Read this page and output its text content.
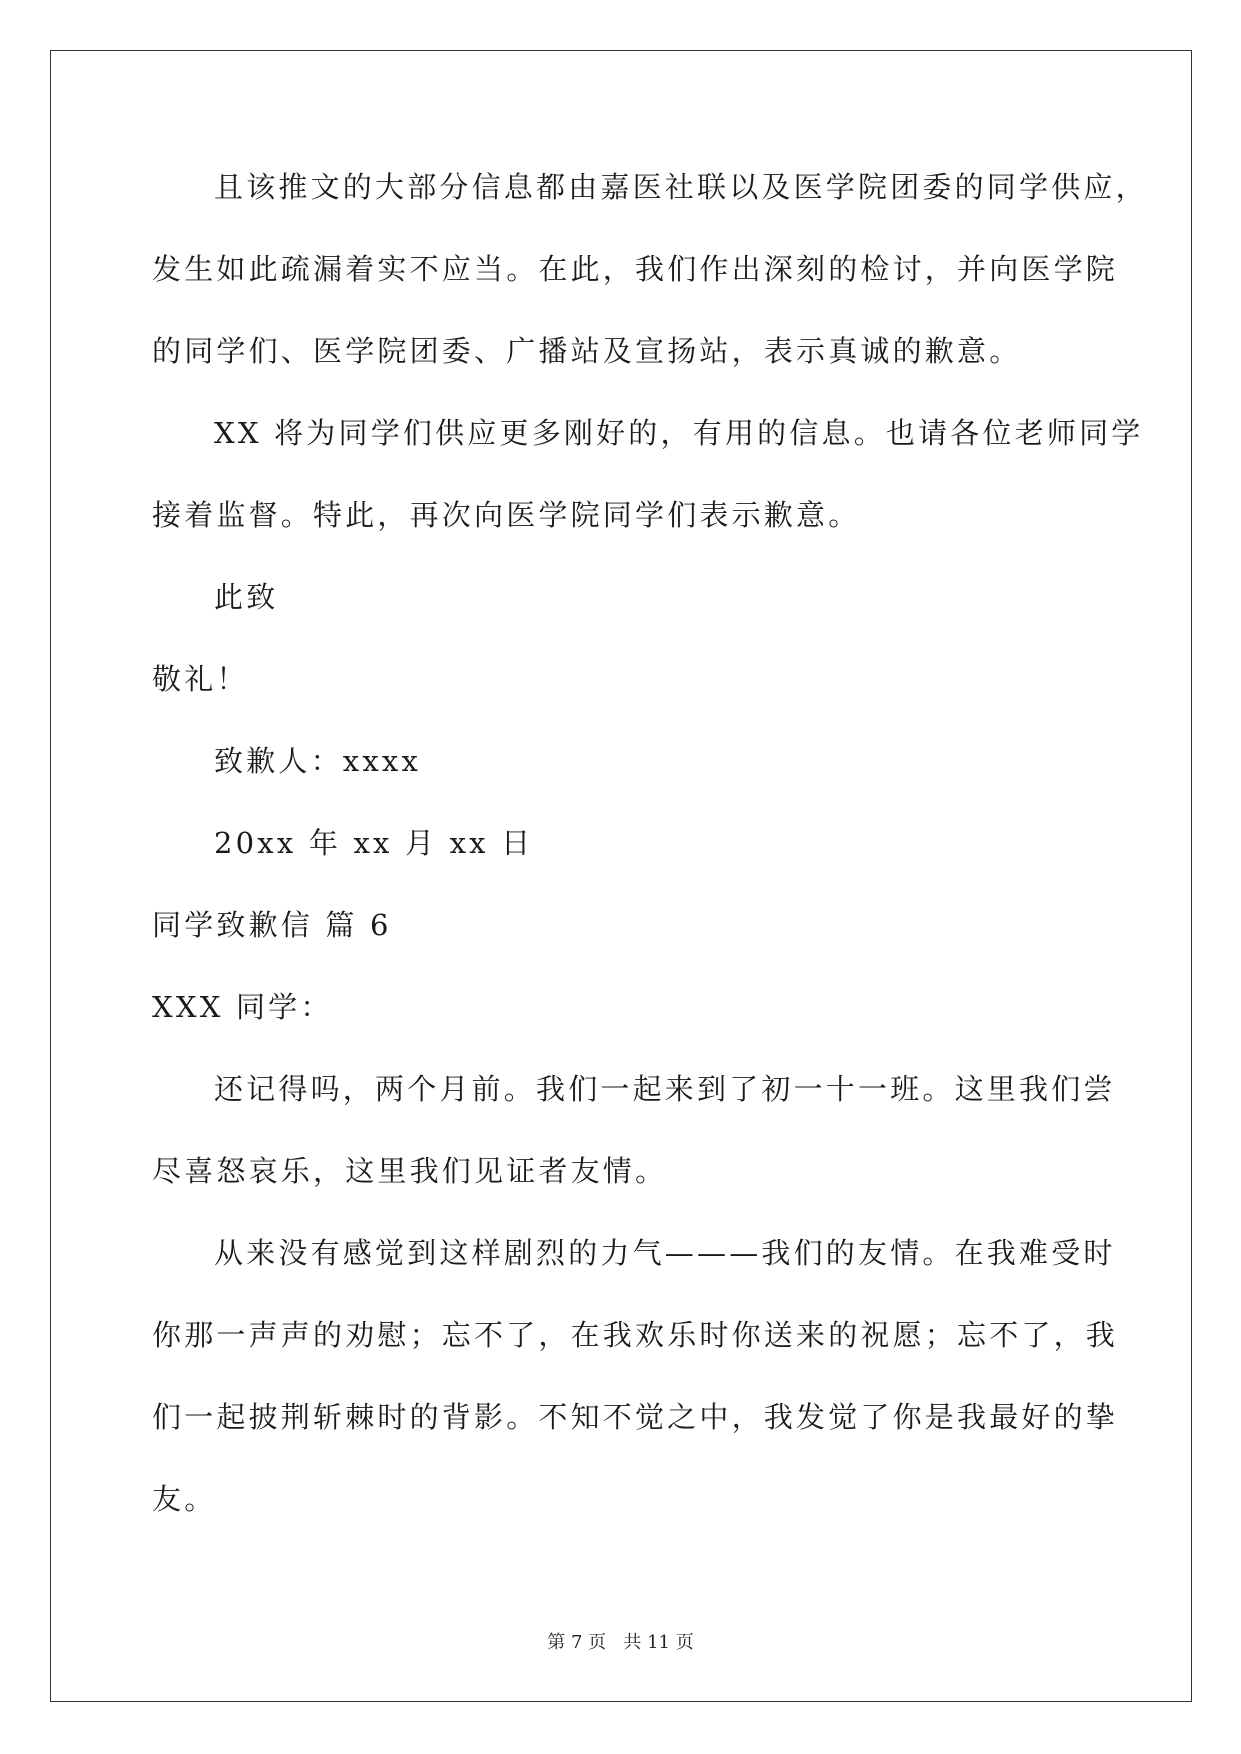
且该推文的大部分信息都由嘉医社联以及医学院团委的同学供应，
发生如此疏漏着实不应当。在此，我们作出深刻的检讨，并向医学院
的同学们、医学院团委、广播站及宣扬站，表示真诚的歉意。
XX 将为同学们供应更多刚好的，有用的信息。也请各位老师同学
接着监督。特此，再次向医学院同学们表示歉意。
此致
敬礼！
致歉人：xxxx
20xx 年 xx 月 xx 日
同学致歉信 篇 6
XXX 同学：
还记得吗，两个月前。我们一起来到了初一十一班。这里我们尝
尽喜怒哀乐，这里我们见证者友情。
从来没有感觉到这样剧烈的力气———我们的友情。在我难受时
你那一声声的劝慰；忘不了，在我欢乐时你送来的祝愿；忘不了，我
们一起披荆斩棘时的背影。不知不觉之中，我发觉了你是我最好的挚
友。
第 7 页 共 11 页
